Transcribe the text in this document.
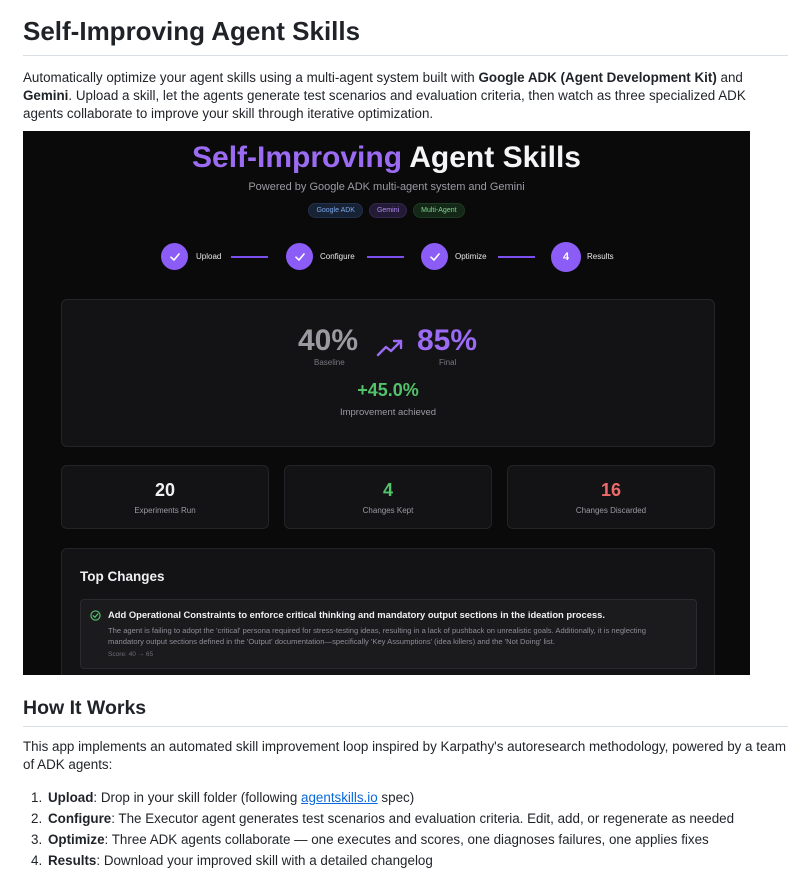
Self-Improving Agent Skills

Automatically optimize your agent skills using a multi-agent system built with Google ADK (Agent Development Kit) and Gemini. Upload a skill, let the agents generate test scenarios and evaluation criteria, then watch as three specialized ADK agents collaborate to improve your skill through iterative optimization.

Self-Improving Agent Skills
Powered by Google ADK multi-agent system and Gemini
Google ADK	Gemini	Multi-Agent
Upload	Configure	Optimize	4	Results
40%
Baseline
85%
Final
+45.0%
Improvement achieved
20
Experiments Run
4
Changes Kept
16
Changes Discarded
Top Changes
Add Operational Constraints to enforce critical thinking and mandatory output sections in the ideation process.
The agent is failing to adopt the 'critical' persona required for stress-testing ideas, resulting in a lack of pushback on unrealistic goals. Additionally, it is neglecting mandatory output sections defined in the 'Output' documentation—specifically 'Key Assumptions' (idea killers) and the 'Not Doing' list.
Score: 40 → 65
How It Works

This app implements an automated skill improvement loop inspired by Karpathy's autoresearch methodology, powered by a team of ADK agents:

1. Upload: Drop in your skill folder (following agentskills.io spec)
2. Configure: The Executor agent generates test scenarios and evaluation criteria. Edit, add, or regenerate as needed
3. Optimize: Three ADK agents collaborate — one executes and scores, one diagnoses failures, one applies fixes
4. Results: Download your improved skill with a detailed changelog
